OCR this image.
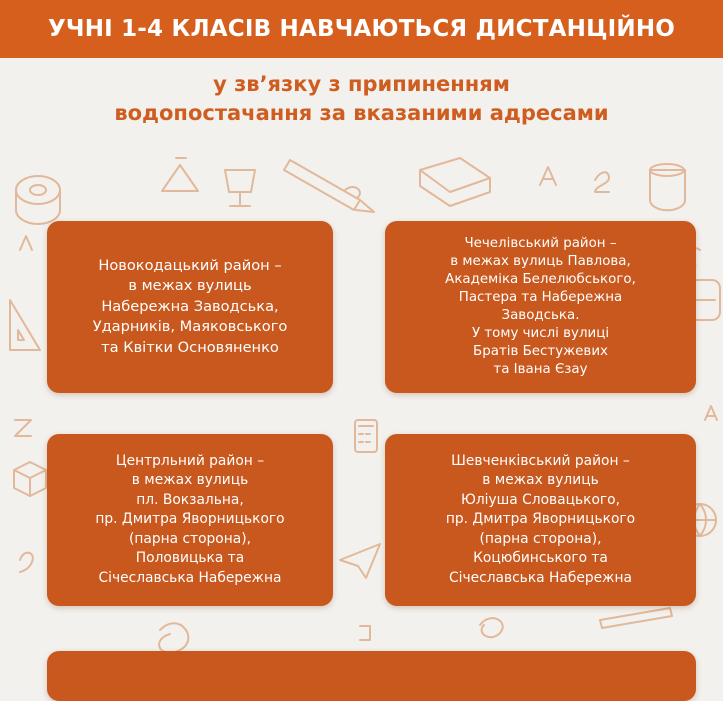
УЧНІ 1-4 КЛАСІВ НАВЧАЮТЬСЯ ДИСТАНЦІЙНО
у зв’язку з припиненням
водопостачання за вказаними адресами
Новокодацький район –
в межах вулиць
Набережна Заводська,
Ударників, Маяковського
та Квітки Основяненко
Чечелівський район –
в межах вулиць Павлова,
Академіка Белелюбського,
Пастера та Набережна
Заводська.
У тому числі вулиці
Братів Бестужевих
та Івана Єзау
Центрльний район –
в межах вулиць
пл. Вокзальна,
пр. Дмитра Яворницького
(парна сторона),
Половицька та
Січеславська Набережна
Шевченківський район –
в межах вулиць
Юліуша Словацького,
пр. Дмитра Яворницького
(парна сторона),
Коцюбинського та
Січеславська Набережна
